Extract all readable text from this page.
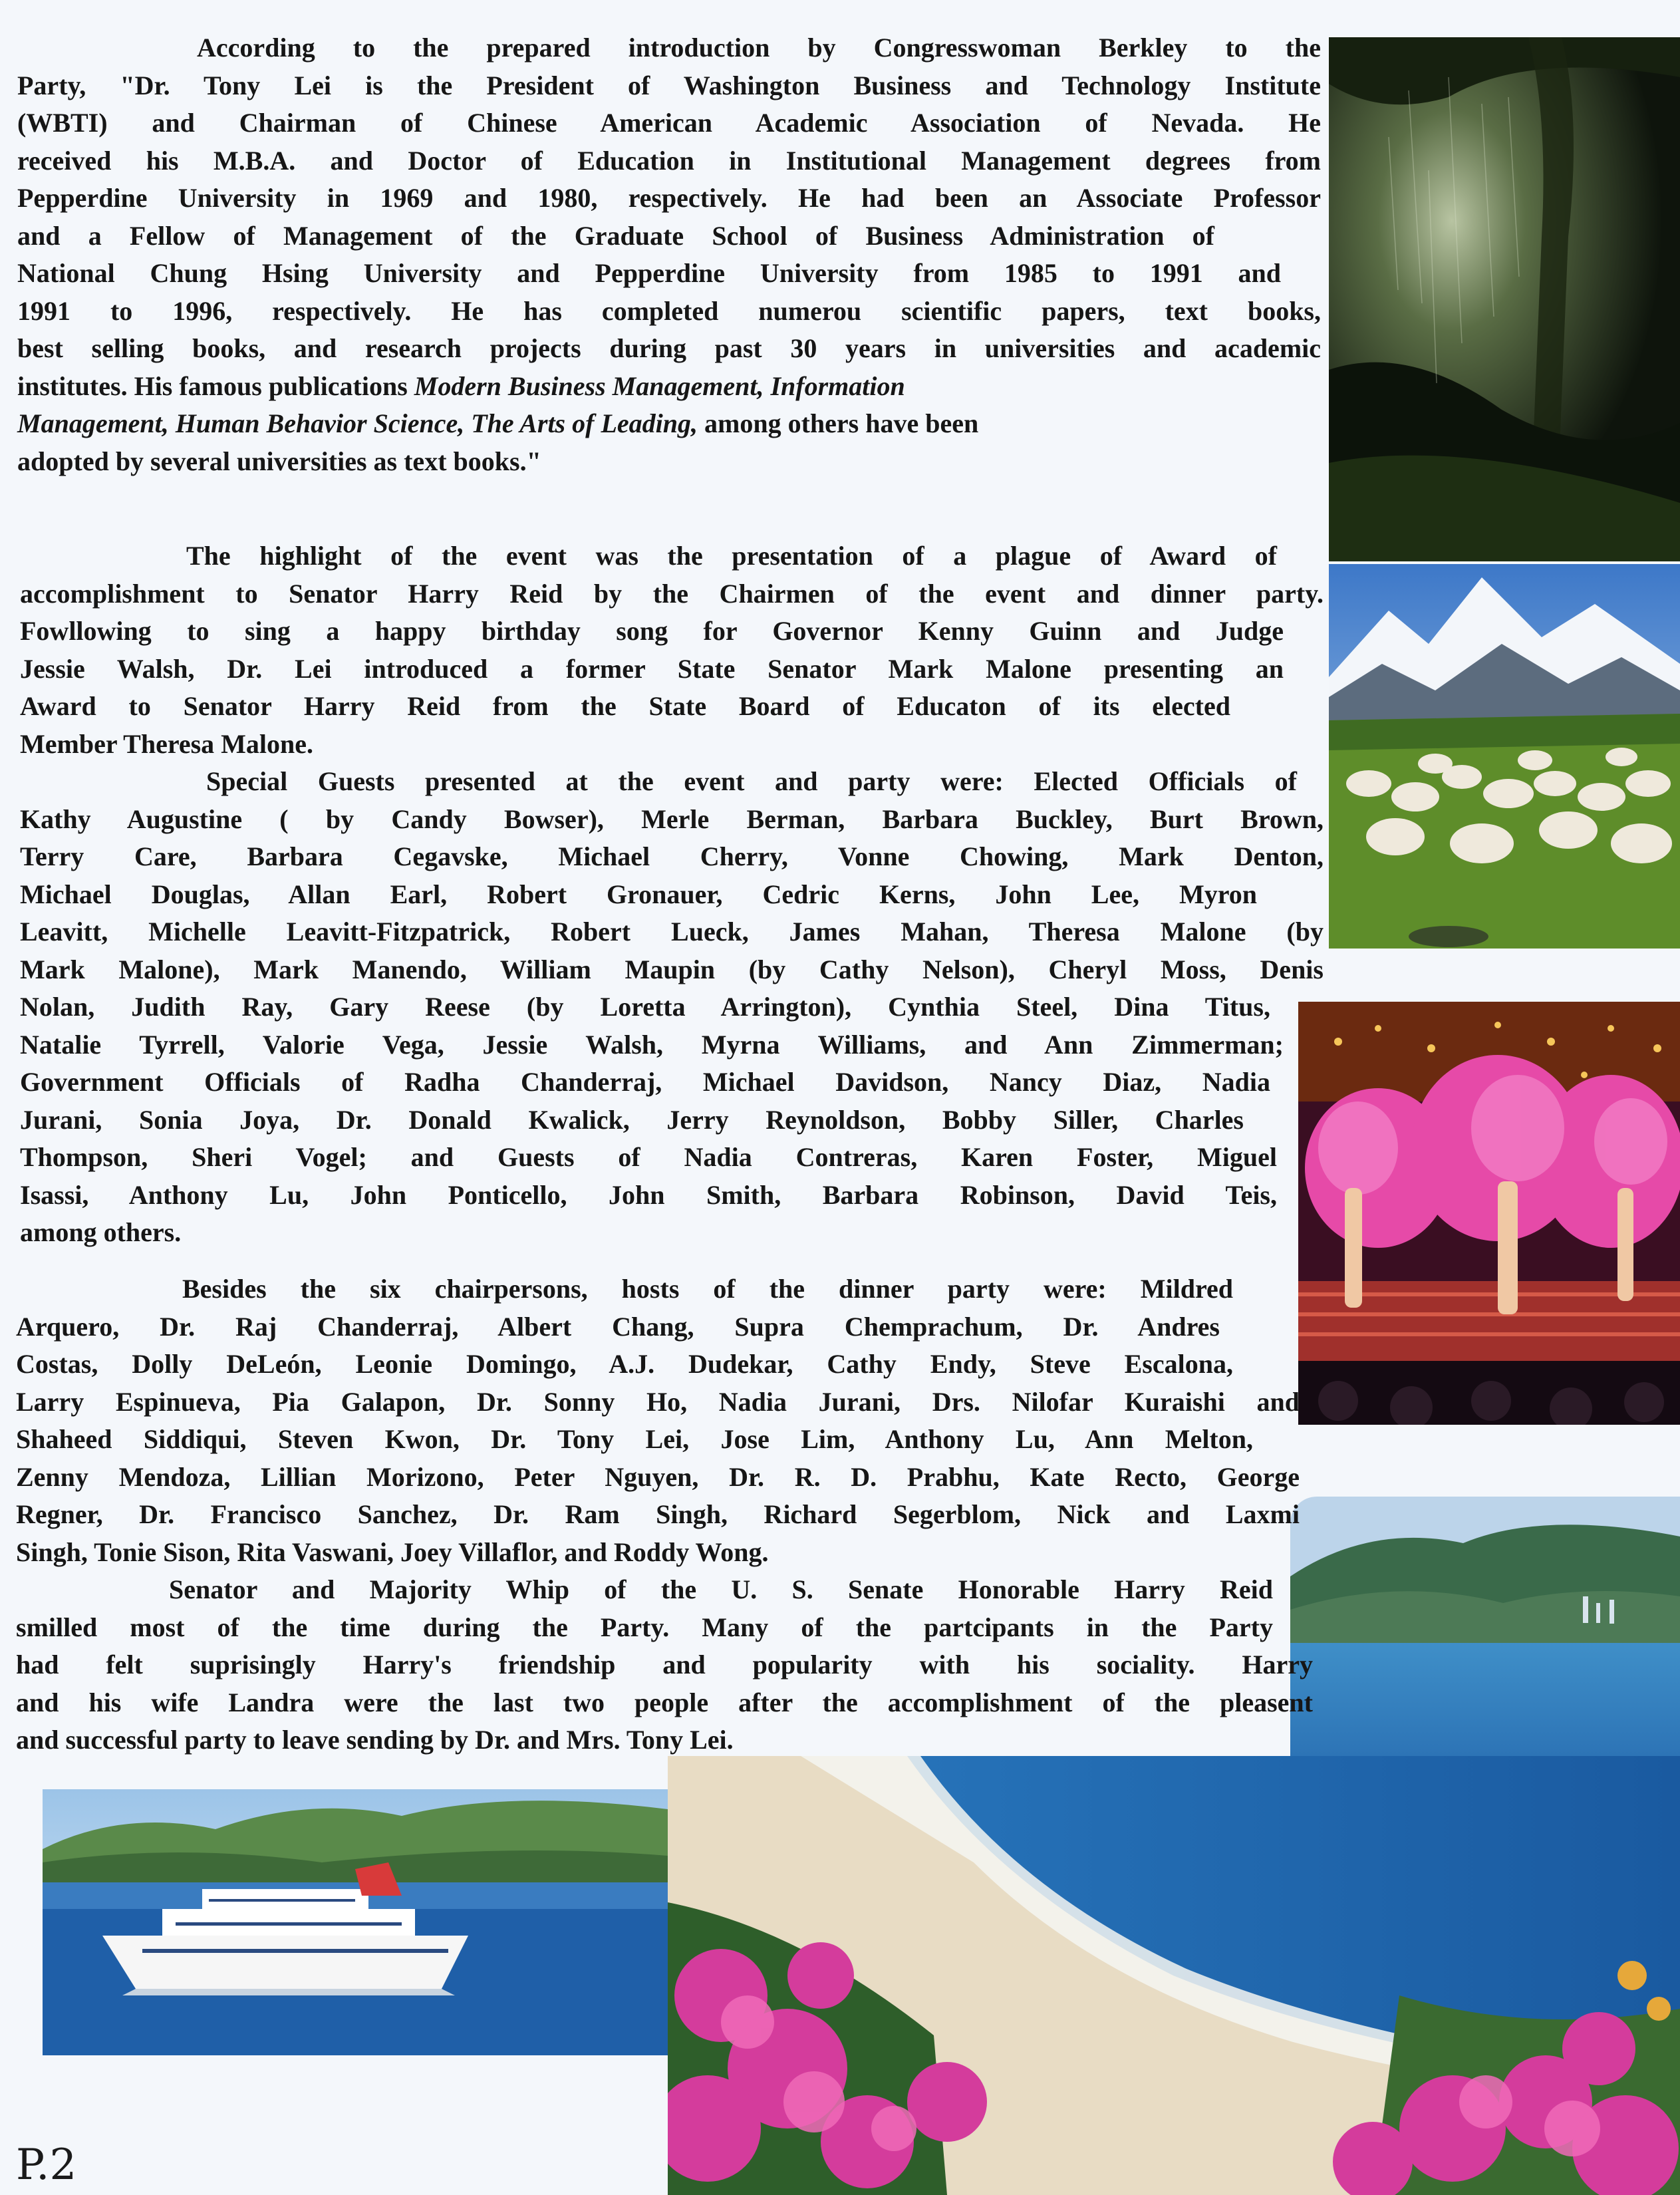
According to the prepared introduction by Congresswoman Berkley to the
Party, "Dr. Tony Lei is the President of Washington Business and Technology Institute
(WBTI) and Chairman of Chinese American Academic Association of Nevada. He
received his M.B.A. and Doctor of Education in Institutional Management degrees from
Pepperdine University in 1969 and 1980, respectively. He had been an Associate Professor
and a Fellow of Management of the Graduate School of Business Administration of
National Chung Hsing University and Pepperdine University from 1985 to 1991 and
1991 to 1996, respectively. He has completed numerou scientific papers, text books,
best selling books, and research projects during past 30 years in universities and academic
institutes. His famous publications Modern Business Management, Information
Management, Human Behavior Science, The Arts of Leading, among others have been
adopted by several universities as text books."
The highlight of the event was the presentation of a plague of Award of
accomplishment to Senator Harry Reid by the Chairmen of the event and dinner party.
Fowllowing to sing a happy birthday song for Governor Kenny Guinn and Judge
Jessie Walsh, Dr. Lei introduced a former State Senator Mark Malone presenting an
Award to Senator Harry Reid from the State Board of Educaton of its elected
Member Theresa Malone.
Special Guests presented at the event and party were: Elected Officials of
Kathy Augustine ( by Candy Bowser), Merle Berman, Barbara Buckley, Burt Brown,
Terry Care, Barbara Cegavske, Michael Cherry, Vonne Chowing, Mark Denton,
Michael Douglas, Allan Earl, Robert Gronauer, Cedric Kerns, John Lee, Myron
Leavitt, Michelle Leavitt-Fitzpatrick, Robert Lueck, James Mahan, Theresa Malone (by
Mark Malone), Mark Manendo, William Maupin (by Cathy Nelson), Cheryl Moss, Denis
Nolan, Judith Ray, Gary Reese (by Loretta Arrington), Cynthia Steel, Dina Titus,
Natalie Tyrrell, Valorie Vega, Jessie Walsh, Myrna Williams, and Ann Zimmerman;
Government Officials of Radha Chanderraj, Michael Davidson, Nancy Diaz, Nadia
Jurani, Sonia Joya, Dr. Donald Kwalick, Jerry Reynoldson, Bobby Siller, Charles
Thompson, Sheri Vogel; and Guests of Nadia Contreras, Karen Foster, Miguel
Isassi, Anthony Lu, John Ponticello, John Smith, Barbara Robinson, David Teis,
among others.
Besides the six chairpersons, hosts of the dinner party were: Mildred
Arquero, Dr. Raj Chanderraj, Albert Chang, Supra Chemprachum, Dr. Andres
Costas, Dolly DeLeón, Leonie Domingo, A.J. Dudekar, Cathy Endy, Steve Escalona,
Larry Espinueva, Pia Galapon, Dr. Sonny Ho, Nadia Jurani, Drs. Nilofar Kuraishi and
Shaheed Siddiqui, Steven Kwon, Dr. Tony Lei, Jose Lim, Anthony Lu, Ann Melton,
Zenny Mendoza, Lillian Morizono, Peter Nguyen, Dr. R. D. Prabhu, Kate Recto, George
Regner, Dr. Francisco Sanchez, Dr. Ram Singh, Richard Segerblom, Nick and Laxmi
Singh, Tonie Sison, Rita Vaswani, Joey Villaflor, and Roddy Wong.
Senator and Majority Whip of the U. S. Senate Honorable Harry Reid
smilled most of the time during the Party. Many of the partcipants in the Party
had felt suprisingly Harry's friendship and popularity with his sociality. Harry
and his wife Landra were the last two people after the accomplishment of the pleasent
and successful party to leave sending by Dr. and Mrs. Tony Lei.
P.2
